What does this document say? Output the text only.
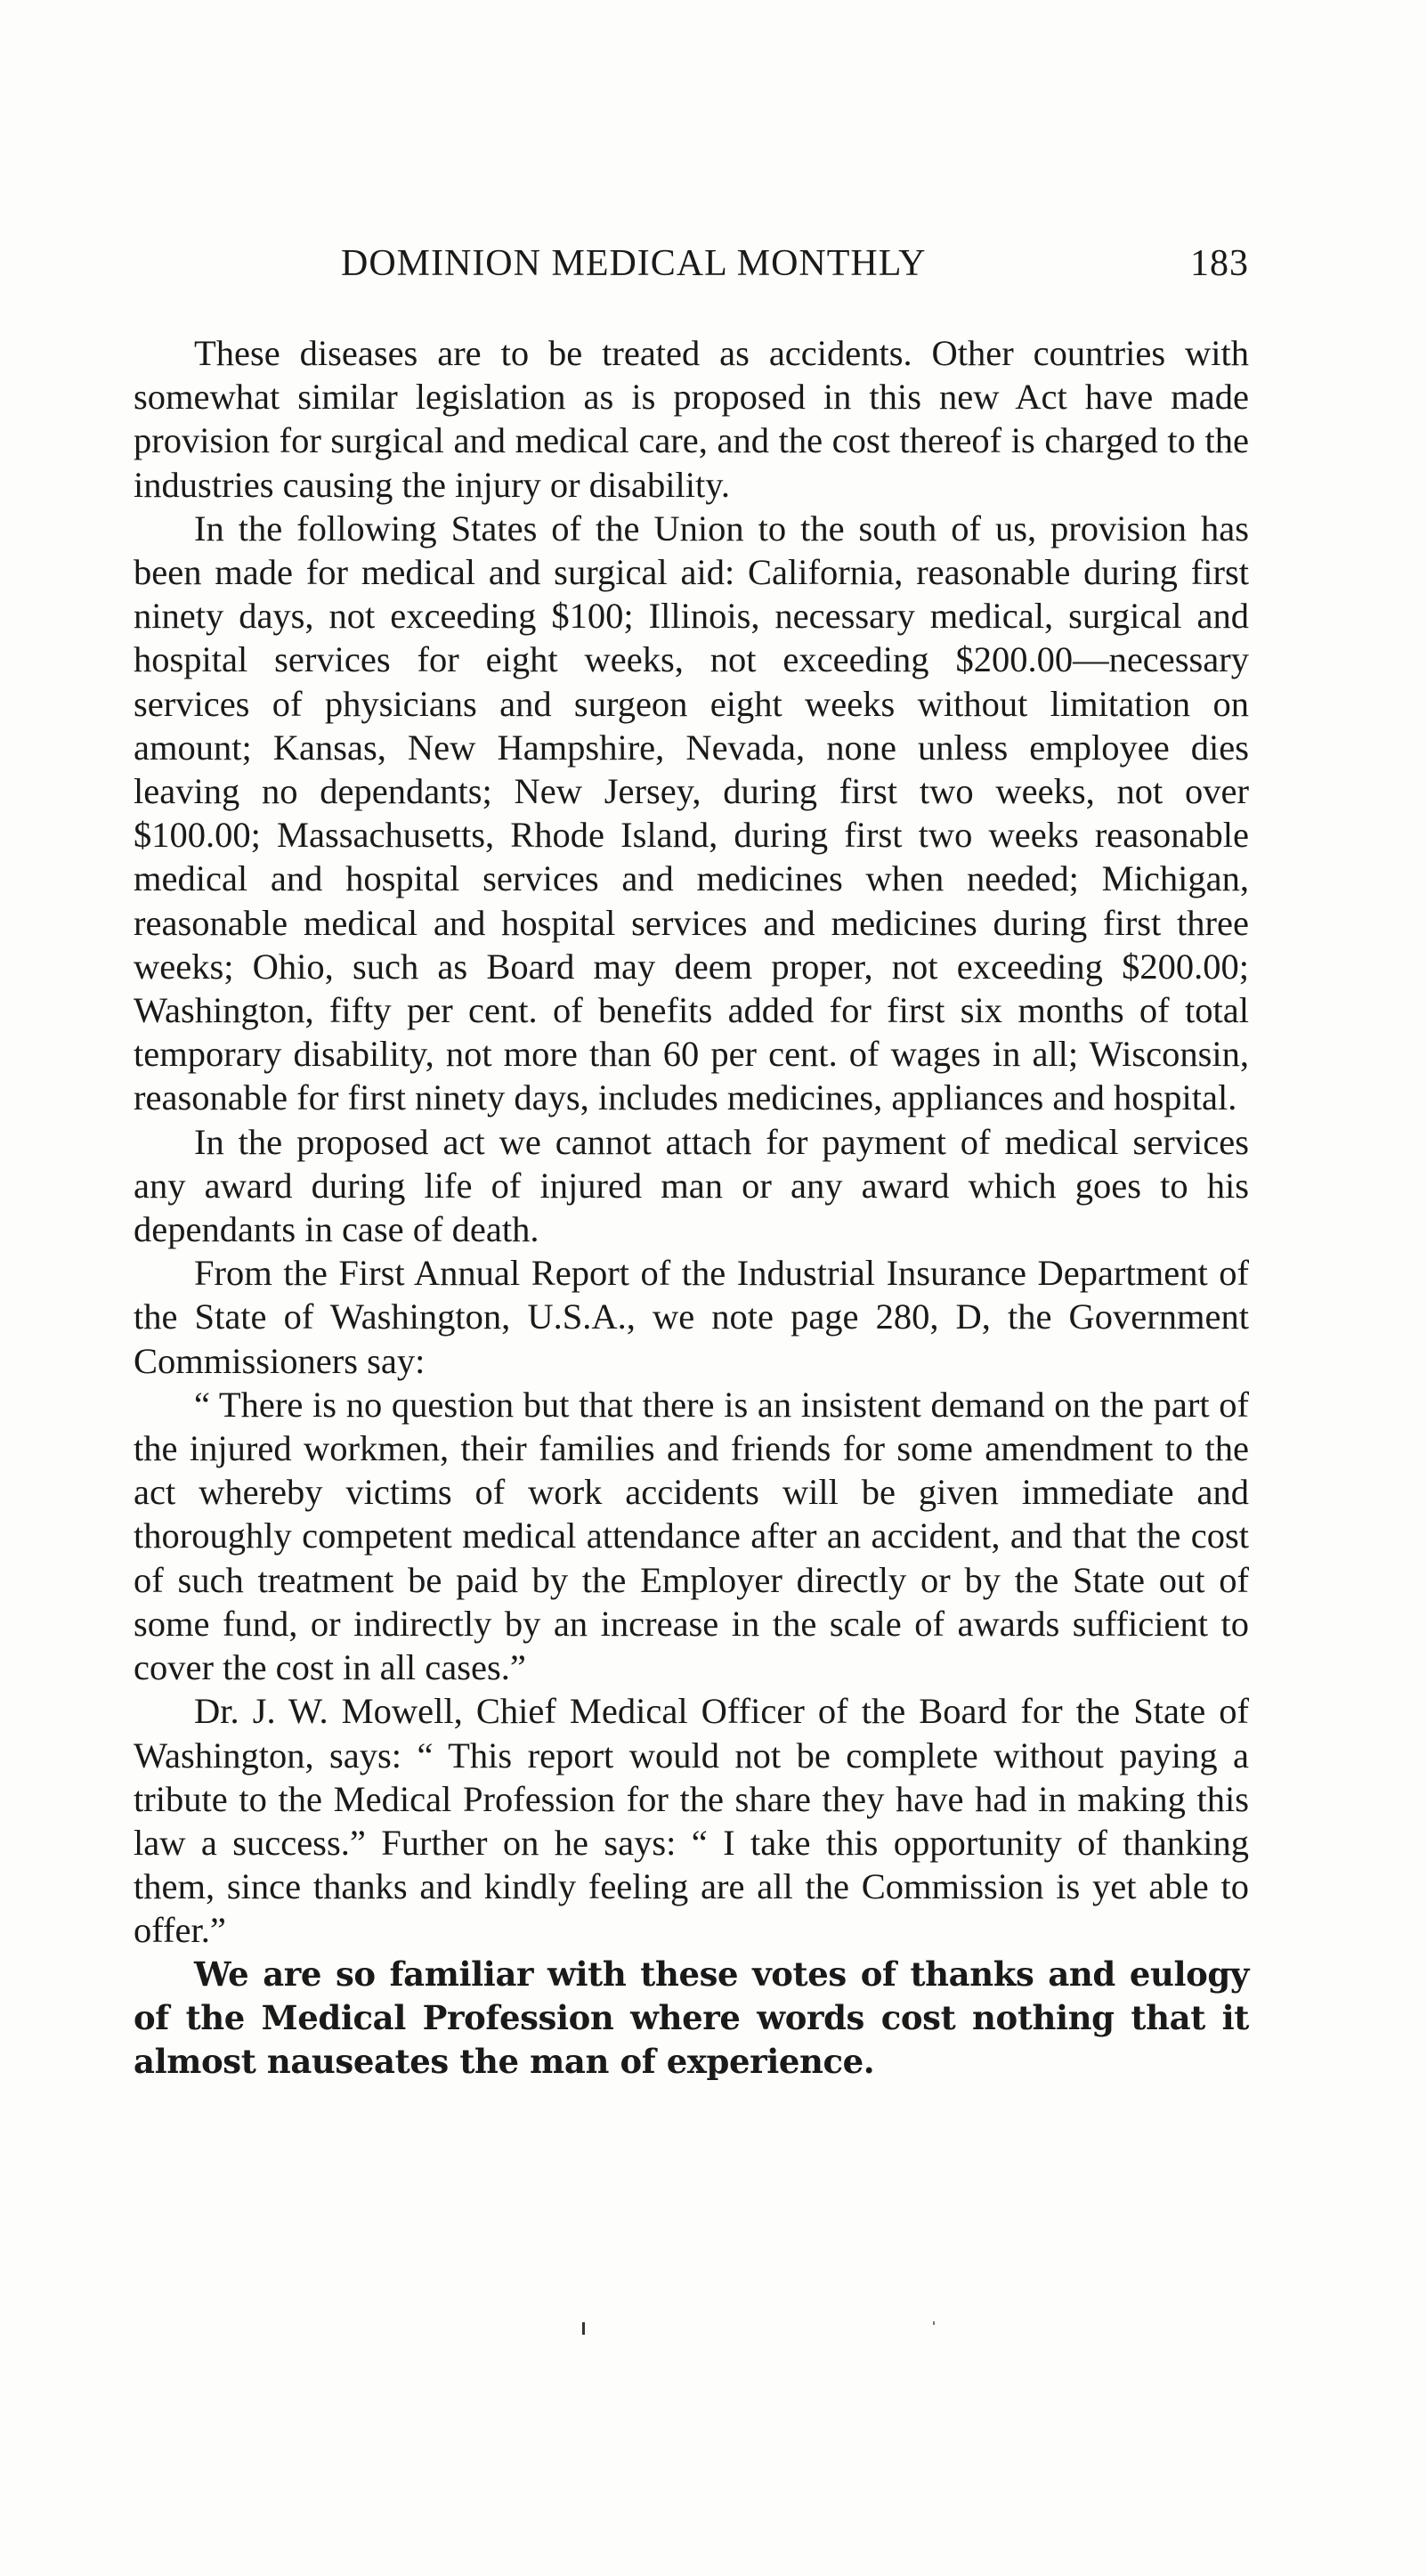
DOMINION MEDICAL MONTHLY	183

These diseases are to be treated as accidents. Other countries with somewhat similar legislation as is proposed in this new Act have made provision for surgical and medical care, and the cost thereof is charged to the industries causing the injury or disability.

In the following States of the Union to the south of us, provision has been made for medical and surgical aid: California, reasonable during first ninety days, not exceeding $100; Illinois, necessary medical, surgical and hospital services for eight weeks, not exceeding $200.00—necessary services of physicians and surgeon eight weeks without limitation on amount; Kansas, New Hampshire, Nevada, none unless employee dies leaving no dependants; New Jersey, during first two weeks, not over $100.00; Massachusetts, Rhode Island, during first two weeks reasonable medical and hospital services and medicines when needed; Michigan, reasonable medical and hospital services and medicines during first three weeks; Ohio, such as Board may deem proper, not exceeding $200.00; Washington, fifty per cent. of benefits added for first six months of total temporary disability, not more than 60 per cent. of wages in all; Wisconsin, reasonable for first ninety days, includes medicines, appliances and hospital.

In the proposed act we cannot attach for payment of medical services any award during life of injured man or any award which goes to his dependants in case of death.

From the First Annual Report of the Industrial Insurance Department of the State of Washington, U.S.A., we note page 280, D, the Government Commissioners say:

“ There is no question but that there is an insistent demand on the part of the injured workmen, their families and friends for some amendment to the act whereby victims of work accidents will be given immediate and thoroughly competent medical attendance after an accident, and that the cost of such treatment be paid by the Employer directly or by the State out of some fund, or indirectly by an increase in the scale of awards sufficient to cover the cost in all cases.”

Dr. J. W. Mowell, Chief Medical Officer of the Board for the State of Washington, says: “ This report would not be complete without paying a tribute to the Medical Profession for the share they have had in making this law a success.” Further on he says: “ I take this opportunity of thanking them, since thanks and kindly feeling are all the Commission is yet able to offer.”

We are so familiar with these votes of thanks and eulogy of the Medical Profession where words cost nothing that it almost nauseates the man of experience.
